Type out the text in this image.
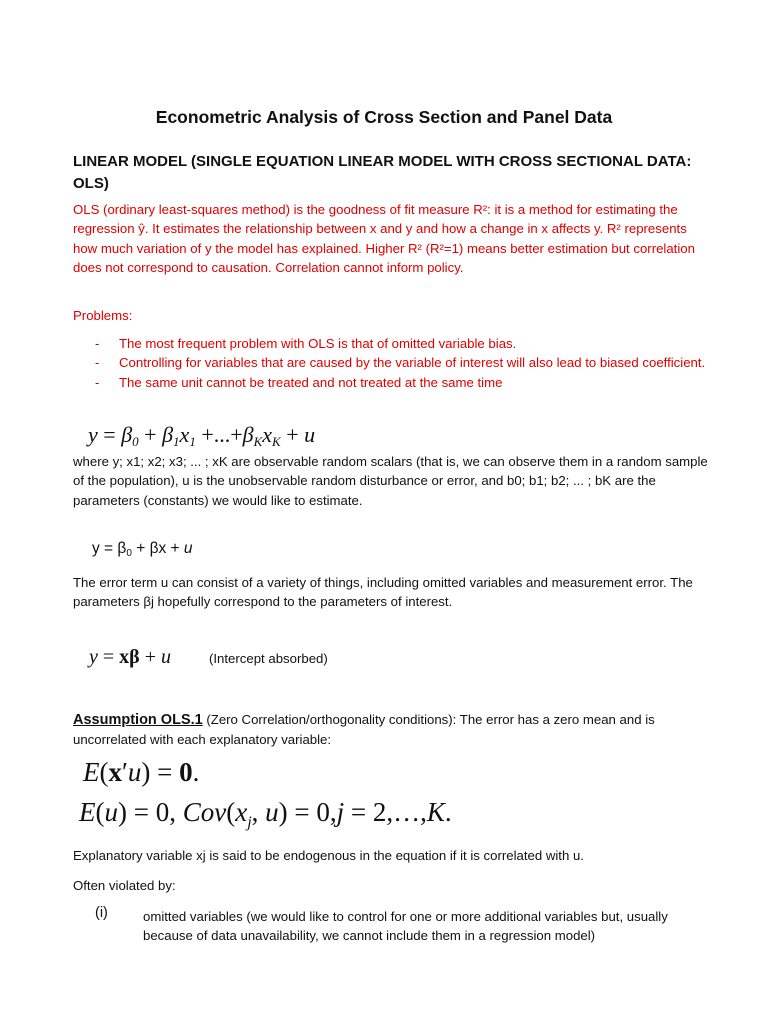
Econometric Analysis of Cross Section and Panel Data
LINEAR MODEL (SINGLE EQUATION LINEAR MODEL WITH CROSS SECTIONAL DATA: OLS)
OLS (ordinary least-squares method) is the goodness of fit measure R²: it is a method for estimating the regression ŷ. It estimates the relationship between x and y and how a change in x affects y. R² represents how much variation of y the model has explained. Higher R² (R²=1) means better estimation but correlation does not correspond to causation. Correlation cannot inform policy.
Problems:
- The most frequent problem with OLS is that of omitted variable bias.
- Controlling for variables that are caused by the variable of interest will also lead to biased coefficient.
- The same unit cannot be treated and not treated at the same time
$y = \beta_0 + \beta_1x_1 +...+\beta_Kx_K + u$
where y; x1; x2; x3; ... ; xK are observable random scalars (that is, we can observe them in a random sample of the population), u is the unobservable random disturbance or error, and b0; b1; b2; ... ; bK are the parameters (constants) we would like to estimate.
$y = \beta_0 + \beta x + u$
The error term u can consist of a variety of things, including omitted variables and measurement error. The parameters βj hopefully correspond to the parameters of interest.
y = xβ + u	(Intercept absorbed)
Assumption OLS.1 (Zero Correlation/orthogonality conditions): The error has a zero mean and is uncorrelated with each explanatory variable:
E(x′u) = 0.
E(u) = 0, $Cov(x_j$, u) = 0,j = 2,…,K.
Explanatory variable xj is said to be endogenous in the equation if it is correlated with u.
Often violated by:
(i)	omitted variables (we would like to control for one or more additional variables but, usually because of data unavailability, we cannot include them in a regression model)
